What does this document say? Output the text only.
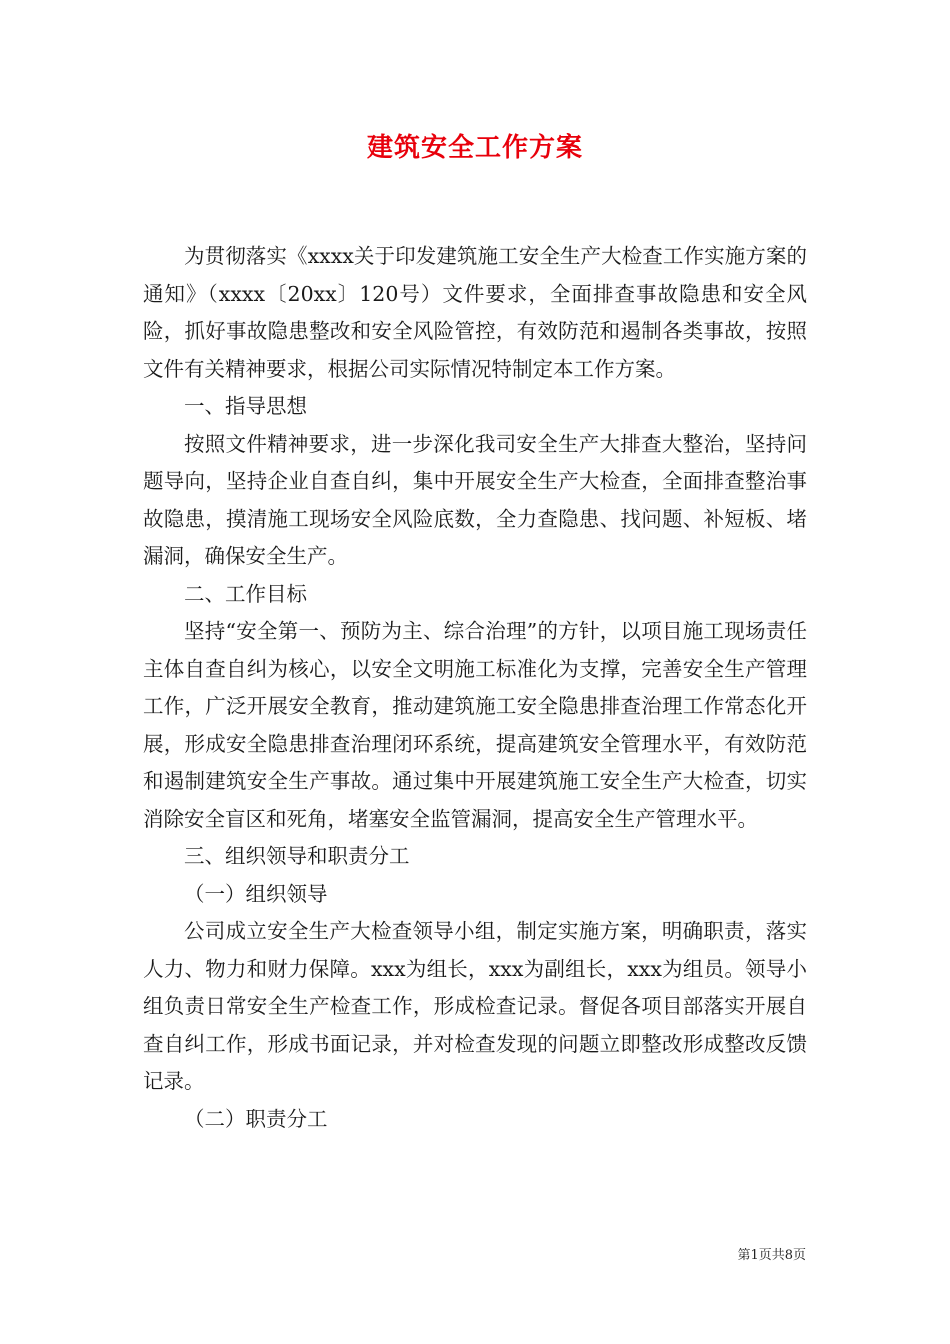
建筑安全工作方案

为贯彻落实《xxxx关于印发建筑施工安全生产大检查工作实施方案的通知》（xxxx〔20xx〕120号）文件要求，全面排查事故隐患和安全风险，抓好事故隐患整改和安全风险管控，有效防范和遏制各类事故，按照文件有关精神要求，根据公司实际情况特制定本工作方案。

一、指导思想

按照文件精神要求，进一步深化我司安全生产大排查大整治，坚持问题导向，坚持企业自查自纠，集中开展安全生产大检查，全面排查整治事故隐患，摸清施工现场安全风险底数，全力查隐患、找问题、补短板、堵漏洞，确保安全生产。

二、工作目标

坚持“安全第一、预防为主、综合治理”的方针，以项目施工现场责任主体自查自纠为核心，以安全文明施工标准化为支撑，完善安全生产管理工作，广泛开展安全教育，推动建筑施工安全隐患排查治理工作常态化开展，形成安全隐患排查治理闭环系统，提高建筑安全管理水平，有效防范和遏制建筑安全生产事故。通过集中开展建筑施工安全生产大检查，切实消除安全盲区和死角，堵塞安全监管漏洞，提高安全生产管理水平。

三、组织领导和职责分工

（一）组织领导

公司成立安全生产大检查领导小组，制定实施方案，明确职责，落实人力、物力和财力保障。xxx为组长，xxx为副组长，xxx为组员。领导小组负责日常安全生产检查工作，形成检查记录。督促各项目部落实开展自查自纠工作，形成书面记录，并对检查发现的问题立即整改形成整改反馈记录。

（二）职责分工

第1页共8页
